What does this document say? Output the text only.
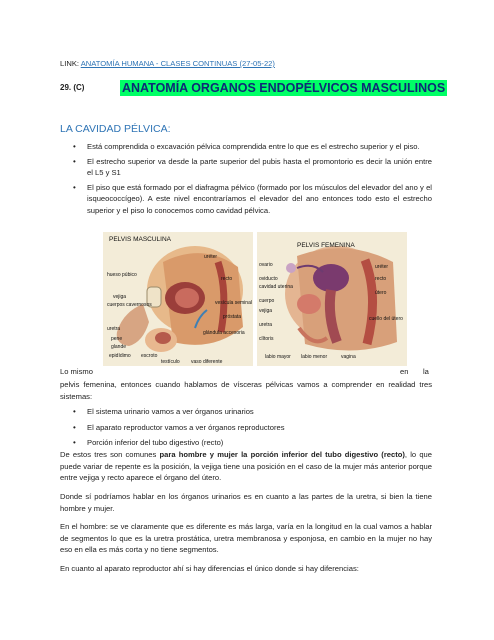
LINK: ANATOMÍA HUMANA - CLASES CONTINUAS (27-05-22)
29. (C)	ANATOMÍA ORGANOS ENDOPÉLVICOS MASCULINOS
LA CAVIDAD PÉLVICA:
• Está comprendida o excavación pélvica comprendida entre lo que es el estrecho superior y el piso.
• El estrecho superior va desde la parte superior del pubis hasta el promontorio es decir la unión entre el L5 y S1
• El piso que está formado por el diafragma pélvico (formado por los músculos del elevador del ano y el isqueococcígeo). A este nivel encontraríamos el elevador del ano entonces todo esto el estrecho superior y el piso lo conocemos como cavidad pélvica.
PELVIS MASCULINA
uréter
hueso púbico
recto
vejiga
cuerpos cavernosos	vesícula seminal
próstata
uretra
glándula accesoria
pene
glande
epidídimo escroto
testículo vaso diferente
PELVIS FEMENINA
ovario
oviducto
cavidad uterina
cuerpo
vejiga
uretra
clítoris
labio mayor labio menor	vagina
uréter
recto
útero
cuello del útero
Lo mismo	en la

pelvis femenina, entonces cuando hablamos de vísceras pélvicas vamos a comprender en realidad tres sistemas:

• El sistema urinario vamos a ver órganos urinarios
• El aparato reproductor vamos a ver órganos reproductores
• Porción inferior del tubo digestivo (recto)

De estos tres son comunes para hombre y mujer la porción inferior del tubo digestivo (recto), lo que puede variar de repente es la posición, la vejiga tiene una posición en el caso de la mujer más anterior porque entre vejiga y recto aparece el órgano del útero.

Donde sí podríamos hablar en los órganos urinarios es en cuanto a las partes de la uretra, si bien la tiene hombre y mujer.

En el hombre: se ve claramente que es diferente es más larga, varía en la longitud en la cual vamos a hablar de segmentos lo que es la uretra prostática, uretra membranosa y esponjosa, en cambio en la mujer no hay eso en ella es más corta y no tiene segmentos.

En cuanto al aparato reproductor ahí si hay diferencias el único donde si hay diferencias:
